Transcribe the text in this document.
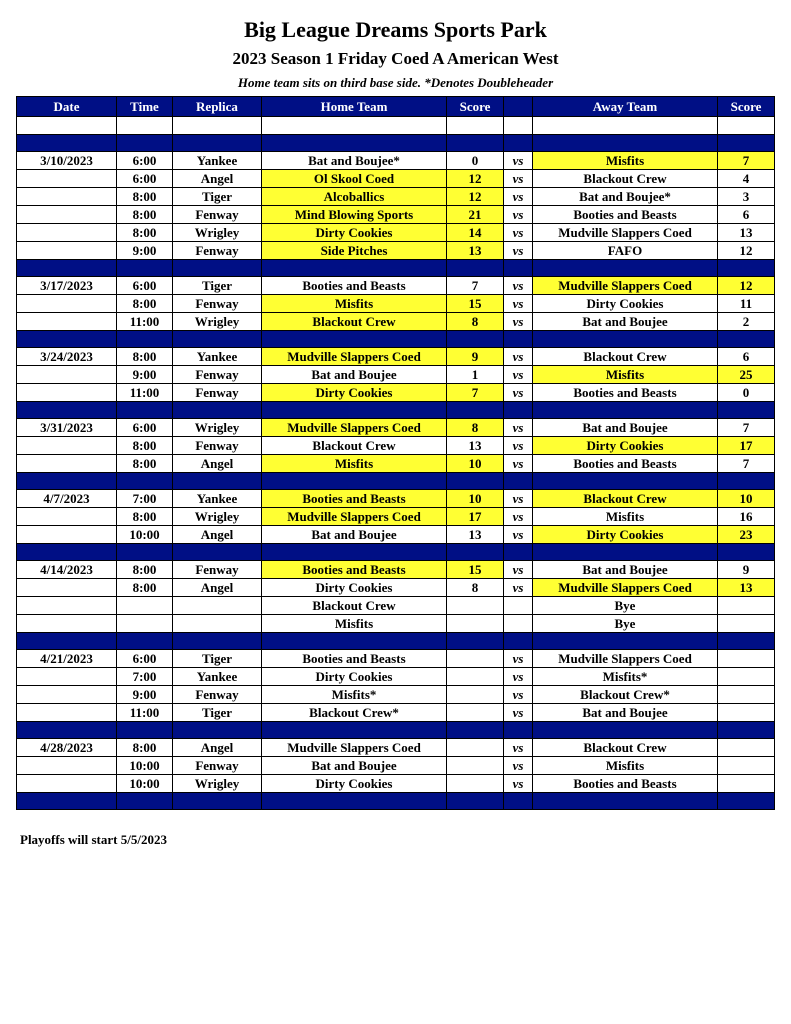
Big League Dreams Sports Park
2023 Season 1 Friday Coed A American West
Home team sits on third base side. *Denotes Doubleheader
Date	Time	Replica	Home Team	Score		Away Team	Score

3/10/2023	6:00	Yankee	Bat and Boujee*	0	vs	Misfits	7
	6:00	Angel	Ol Skool Coed	12	vs	Blackout Crew	4
	8:00	Tiger	Alcoballics	12	vs	Bat and Boujee*	3
	8:00	Fenway	Mind Blowing Sports	21	vs	Booties and Beasts	6
	8:00	Wrigley	Dirty Cookies	14	vs	Mudville Slappers Coed	13
	9:00	Fenway	Side Pitches	13	vs	FAFO	12

3/17/2023	6:00	Tiger	Booties and Beasts	7	vs	Mudville Slappers Coed	12
	8:00	Fenway	Misfits	15	vs	Dirty Cookies	11
	11:00	Wrigley	Blackout Crew	8	vs	Bat and Boujee	2

3/24/2023	8:00	Yankee	Mudville Slappers Coed	9	vs	Blackout Crew	6
	9:00	Fenway	Bat and Boujee	1	vs	Misfits	25
	11:00	Fenway	Dirty Cookies	7	vs	Booties and Beasts	0

3/31/2023	6:00	Wrigley	Mudville Slappers Coed	8	vs	Bat and Boujee	7
	8:00	Fenway	Blackout Crew	13	vs	Dirty Cookies	17
	8:00	Angel	Misfits	10	vs	Booties and Beasts	7

4/7/2023	7:00	Yankee	Booties and Beasts	10	vs	Blackout Crew	10
	8:00	Wrigley	Mudville Slappers Coed	17	vs	Misfits	16
	10:00	Angel	Bat and Boujee	13	vs	Dirty Cookies	23

4/14/2023	8:00	Fenway	Booties and Beasts	15	vs	Bat and Boujee	9
	8:00	Angel	Dirty Cookies	8	vs	Mudville Slappers Coed	13
			Blackout Crew			Bye	
			Misfits			Bye	

4/21/2023	6:00	Tiger	Booties and Beasts		vs	Mudville Slappers Coed	
	7:00	Yankee	Dirty Cookies		vs	Misfits*	
	9:00	Fenway	Misfits*		vs	Blackout Crew*	
	11:00	Tiger	Blackout Crew*		vs	Bat and Boujee	

4/28/2023	8:00	Angel	Mudville Slappers Coed		vs	Blackout Crew	
	10:00	Fenway	Bat and Boujee		vs	Misfits	
	10:00	Wrigley	Dirty Cookies		vs	Booties and Beasts	

Playoffs will start 5/5/2023
